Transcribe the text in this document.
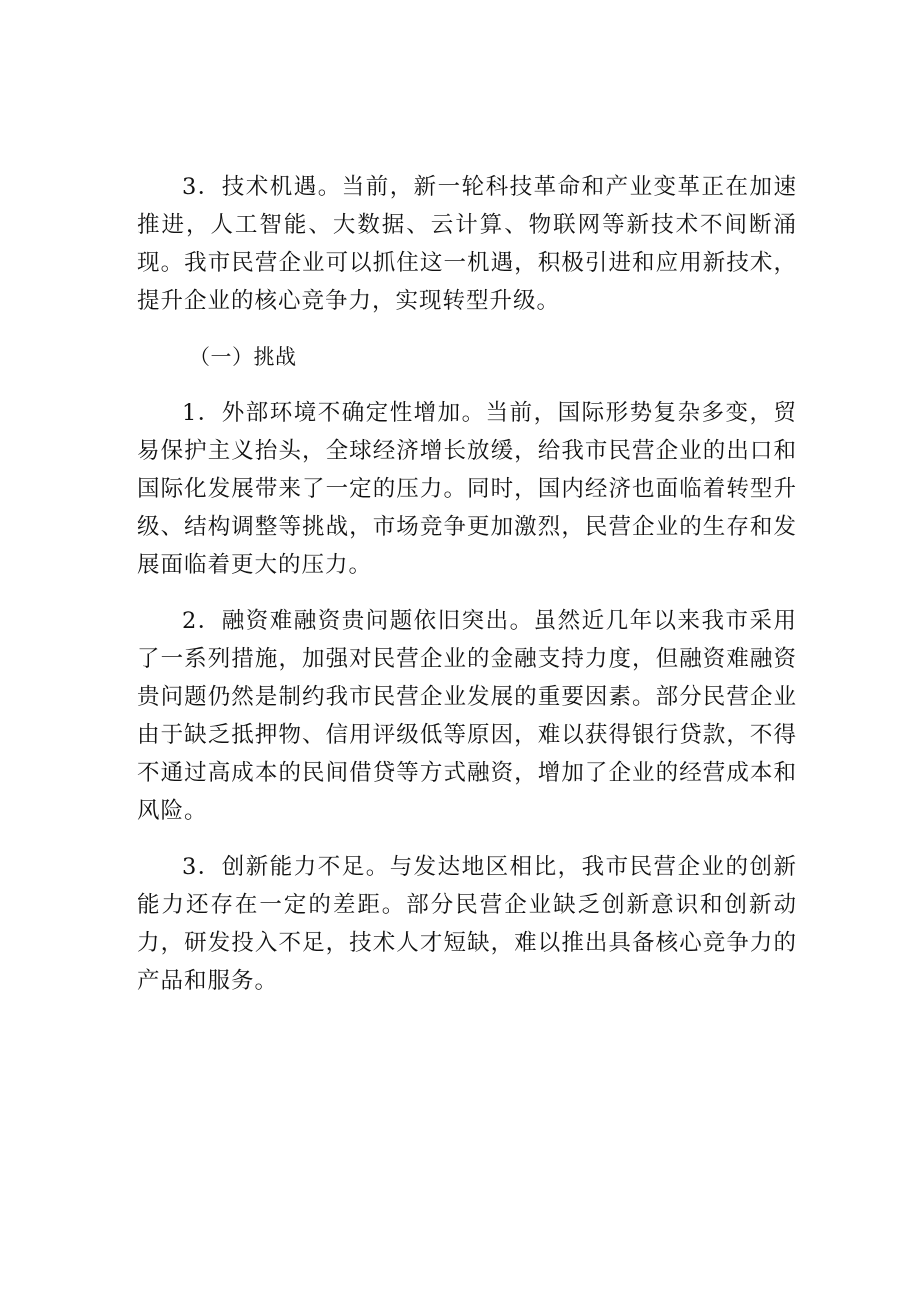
3．技术机遇。当前，新一轮科技革命和产业变革正在加速推进，人工智能、大数据、云计算、物联网等新技术不间断涌现。我市民营企业可以抓住这一机遇，积极引进和应用新技术，提升企业的核心竞争力，实现转型升级。

（一）挑战

1．外部环境不确定性增加。当前，国际形势复杂多变，贸易保护主义抬头，全球经济增长放缓，给我市民营企业的出口和国际化发展带来了一定的压力。同时，国内经济也面临着转型升级、结构调整等挑战，市场竞争更加激烈，民营企业的生存和发展面临着更大的压力。

2．融资难融资贵问题依旧突出。虽然近几年以来我市采用了一系列措施，加强对民营企业的金融支持力度，但融资难融资贵问题仍然是制约我市民营企业发展的重要因素。部分民营企业由于缺乏抵押物、信用评级低等原因，难以获得银行贷款，不得不通过高成本的民间借贷等方式融资，增加了企业的经营成本和风险。

3．创新能力不足。与发达地区相比，我市民营企业的创新能力还存在一定的差距。部分民营企业缺乏创新意识和创新动力，研发投入不足，技术人才短缺，难以推出具备核心竞争力的产品和服务。
